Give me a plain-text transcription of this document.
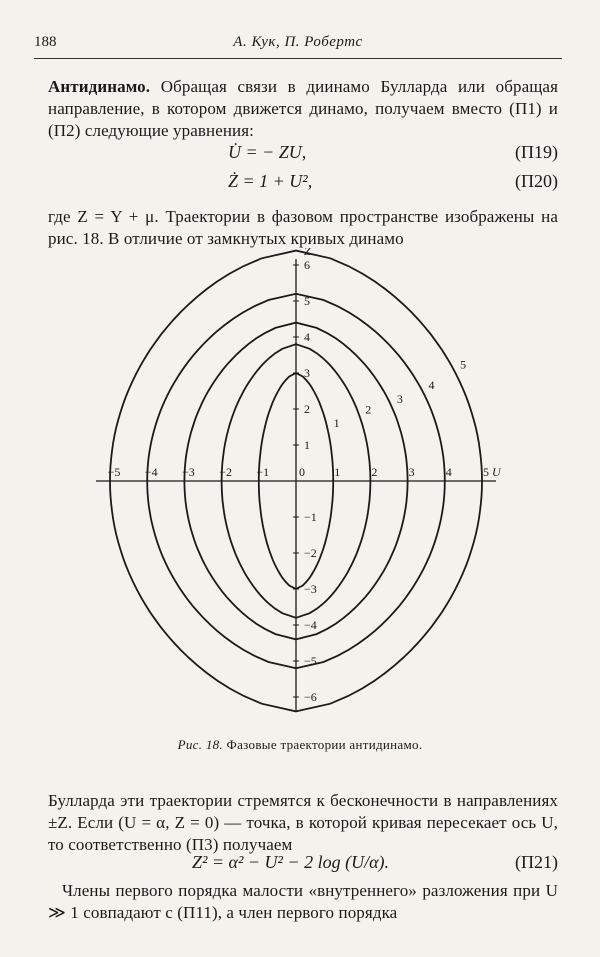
188	А. Кук, П. Робертс
Антидинамо. Обращая связи в диинамо Булларда или обращая направление, в котором движется динамо, получаем вместо (П1) и (П2) следующие уравнения:
U̇ = − ZU,	(П19)
Ż = 1 + U²,	(П20)
где Z = Y + μ. Траектории в фазовом пространстве изображены на рис. 18. В отличие от замкнутых кривых динамо
1
2
3
4
5
−5 −4 −3 −2 −1 0 1	2	3	4	5
6
5
4
3
2
1
−1
−2
−3
−4
−5
−6
U
Z
Рис. 18. Фазовые траектории антидинамо.
Булларда эти траектории стремятся к бесконечности в направлениях ±Z. Если (U = α, Z = 0) — точка, в которой кривая пересекает ось U, то соответственно (П3) получаем
Z² = α² − U² − 2 log (U/α).	(П21)
Члены первого порядка малости «внутреннего» разложения при U ≫ 1 совпадают с (П11), а член первого порядка
